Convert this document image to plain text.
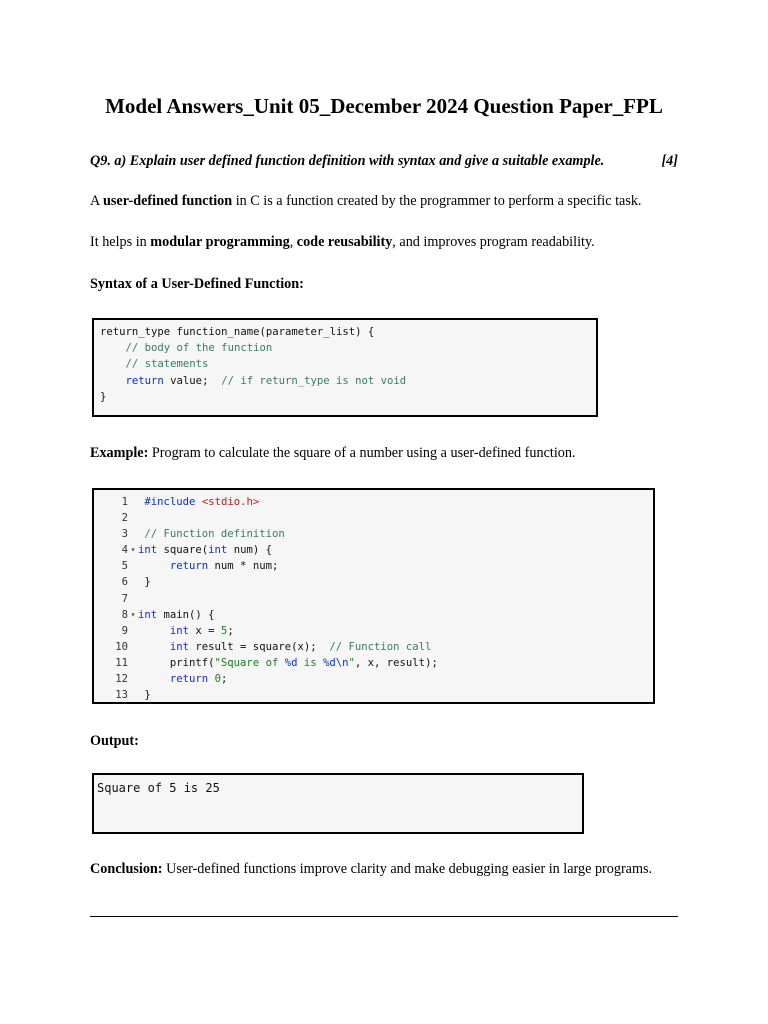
Model Answers_Unit 05_December 2024 Question Paper_FPL
Q9. a) Explain user defined function definition with syntax and give a suitable example.	[4]
A user-defined function in C is a function created by the programmer to perform a specific task.
It helps in modular programming, code reusability, and improves program readability.
Syntax of a User-Defined Function:
return_type function_name(parameter_list) {
// body of the function
// statements
return value;  // if return_type is not void
}
Example: Program to calculate the square of a number using a user-defined function.
1	#include <stdio.h>
2
3	// Function definition
4 ▾ int square(int num) {
5	return num * num;
6	}
7
8 ▾ int main() {
9	int x = 5;
10	int result = square(x);  // Function call
11	printf("Square of %d is %d\n", x, result);
12	return 0;
13	}
Output:
Square of 5 is 25
Conclusion: User-defined functions improve clarity and make debugging easier in large programs.
